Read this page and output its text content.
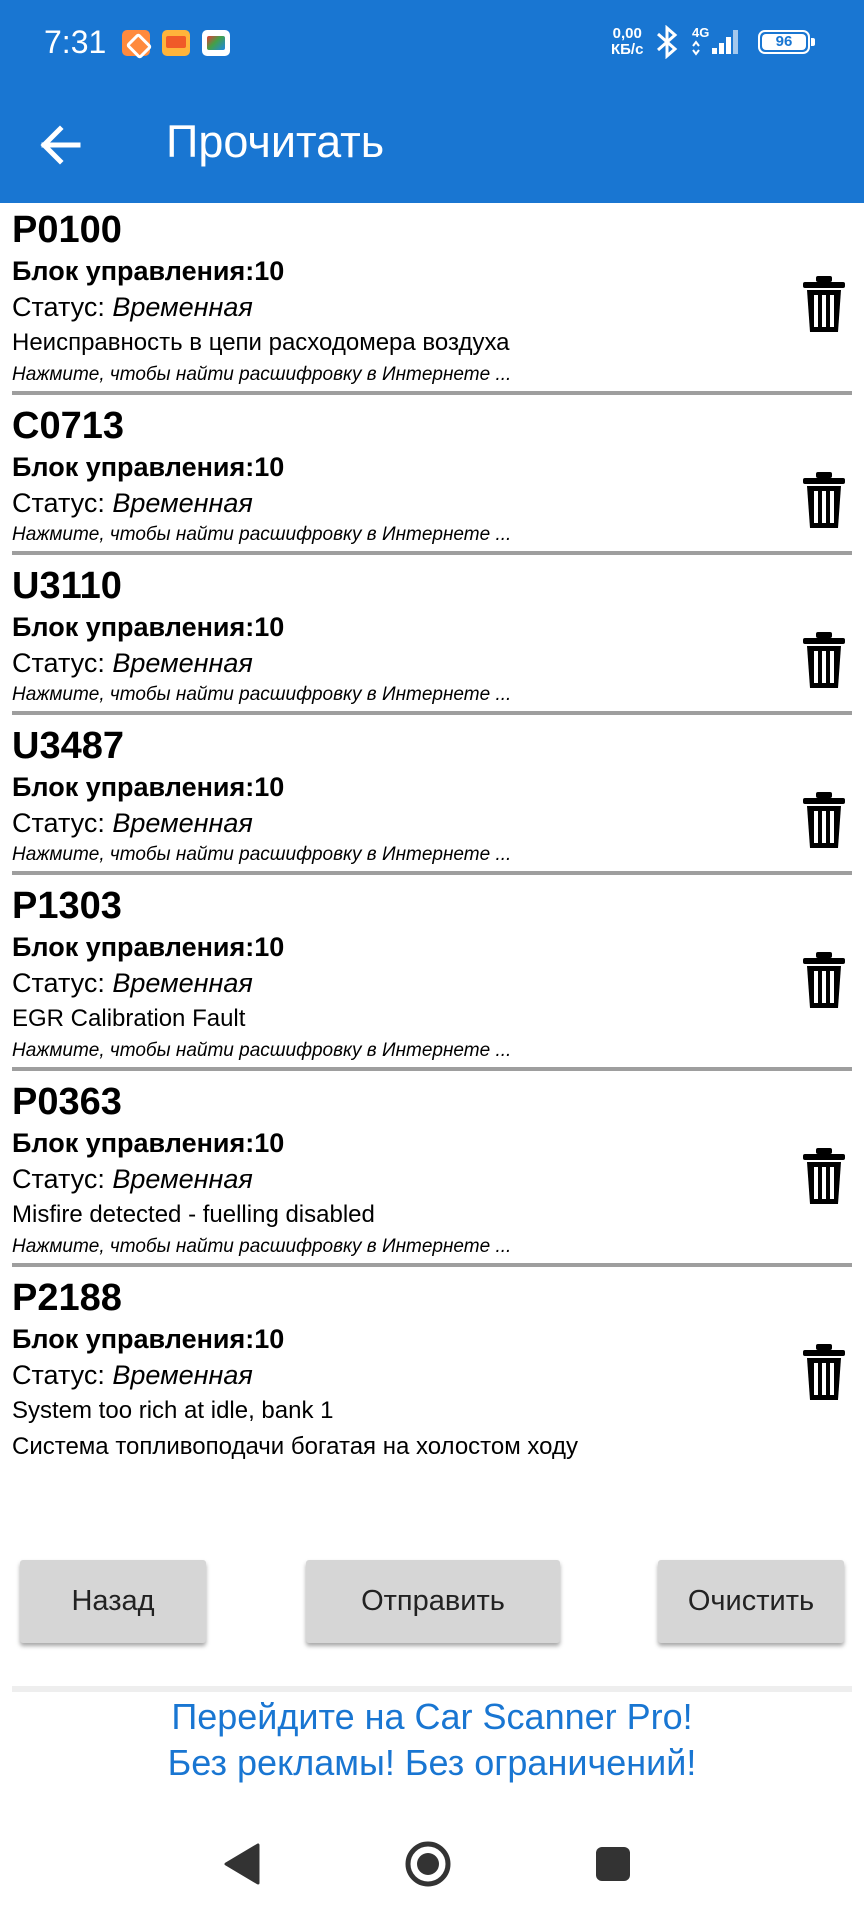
7:31	0,00
КБ/с
4G
96
Прочитать
P0100
Блок управления:10
Статус: Временная
Неисправность в цепи расходомера воздуха
Нажмите, чтобы найти расшифровку в Интернете ...
C0713
Блок управления:10
Статус: Временная
Нажмите, чтобы найти расшифровку в Интернете ...
U3110
Блок управления:10
Статус: Временная
Нажмите, чтобы найти расшифровку в Интернете ...
U3487
Блок управления:10
Статус: Временная
Нажмите, чтобы найти расшифровку в Интернете ...
P1303
Блок управления:10
Статус: Временная
EGR Calibration Fault
Нажмите, чтобы найти расшифровку в Интернете ...
P0363
Блок управления:10
Статус: Временная
Misfire detected - fuelling disabled
Нажмите, чтобы найти расшифровку в Интернете ...
P2188
Блок управления:10
Статус: Временная
System too rich at idle, bank 1
Система топливоподачи богатая на холостом ходу
Назад	Отправить	Очистить
Перейдите на Car Scanner Pro!
Без рекламы! Без ограничений!
